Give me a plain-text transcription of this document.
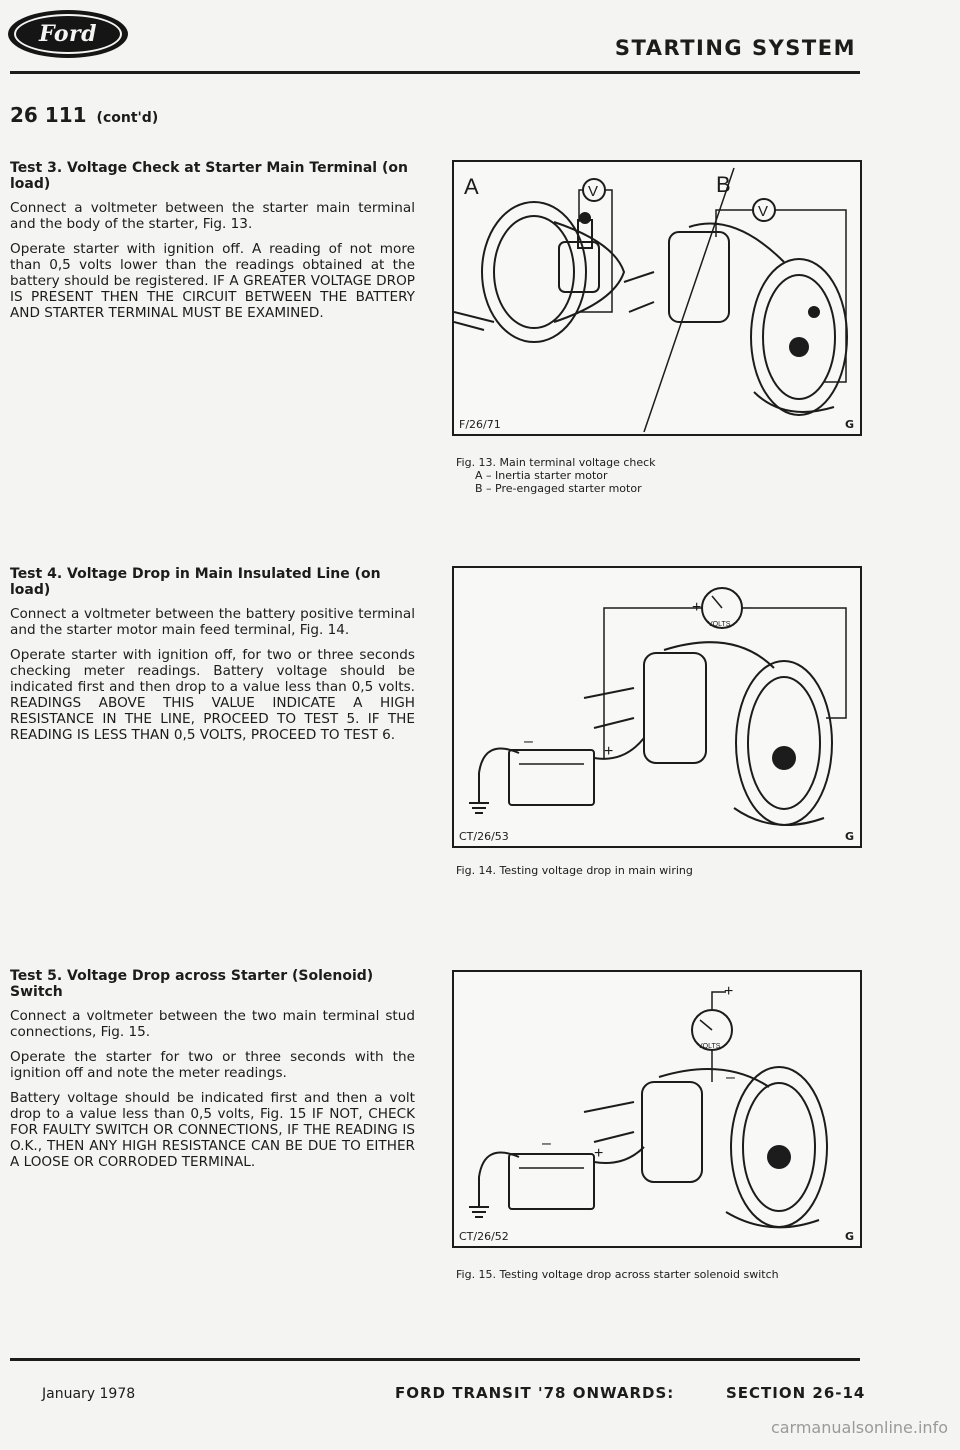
Ford
STARTING SYSTEM
26 111 (cont'd)
Test 3. Voltage Check at Starter Main Terminal (on load)

Connect a voltmeter between the starter main terminal and the body of the starter, Fig. 13.

Operate starter with ignition off. A reading of not more than 0,5 volts lower than the readings obtained at the battery should be registered. IF A GREATER VOLTAGE DROP IS PRESENT THEN THE CIRCUIT BETWEEN THE BATTERY AND STARTER TERMINAL MUST BE EXAMINED.

Test 4. Voltage Drop in Main Insulated Line (on load)

Connect a voltmeter between the battery positive terminal and the starter motor main feed terminal, Fig. 14.

Operate starter with ignition off, for two or three seconds checking meter readings. Battery voltage should be indicated first and then drop to a value less than 0,5 volts. READINGS ABOVE THIS VALUE INDICATE A HIGH RESISTANCE IN THE LINE, PROCEED TO TEST 5. IF THE READING IS LESS THAN 0,5 VOLTS, PROCEED TO TEST 6.

Test 5. Voltage Drop across Starter (Solenoid) Switch

Connect a voltmeter between the two main terminal stud connections, Fig. 15.

Operate the starter for two or three seconds with the ignition off and note the meter readings.

Battery voltage should be indicated first and then a volt drop to a value less than 0,5 volts, Fig. 15 IF NOT, CHECK FOR FAULTY SWITCH OR CONNECTIONS, IF THE READING IS O.K., THEN ANY HIGH RESISTANCE CAN BE DUE TO EITHER A LOOSE OR CORRODED TERMINAL.

A	B
V
V
F/26/71	G
Fig. 13. Main terminal voltage check
A – Inertia starter motor
B – Pre-engaged starter motor
VOLTS
+	–
–
+
CT/26/53	G
Fig. 14. Testing voltage drop in main wiring
VOLTS
+
–
–
+
CT/26/52	G
Fig. 15. Testing voltage drop across starter solenoid switch
January 1978	FORD TRANSIT '78 ONWARDS:	SECTION 26-14
carmanualsonline.info
